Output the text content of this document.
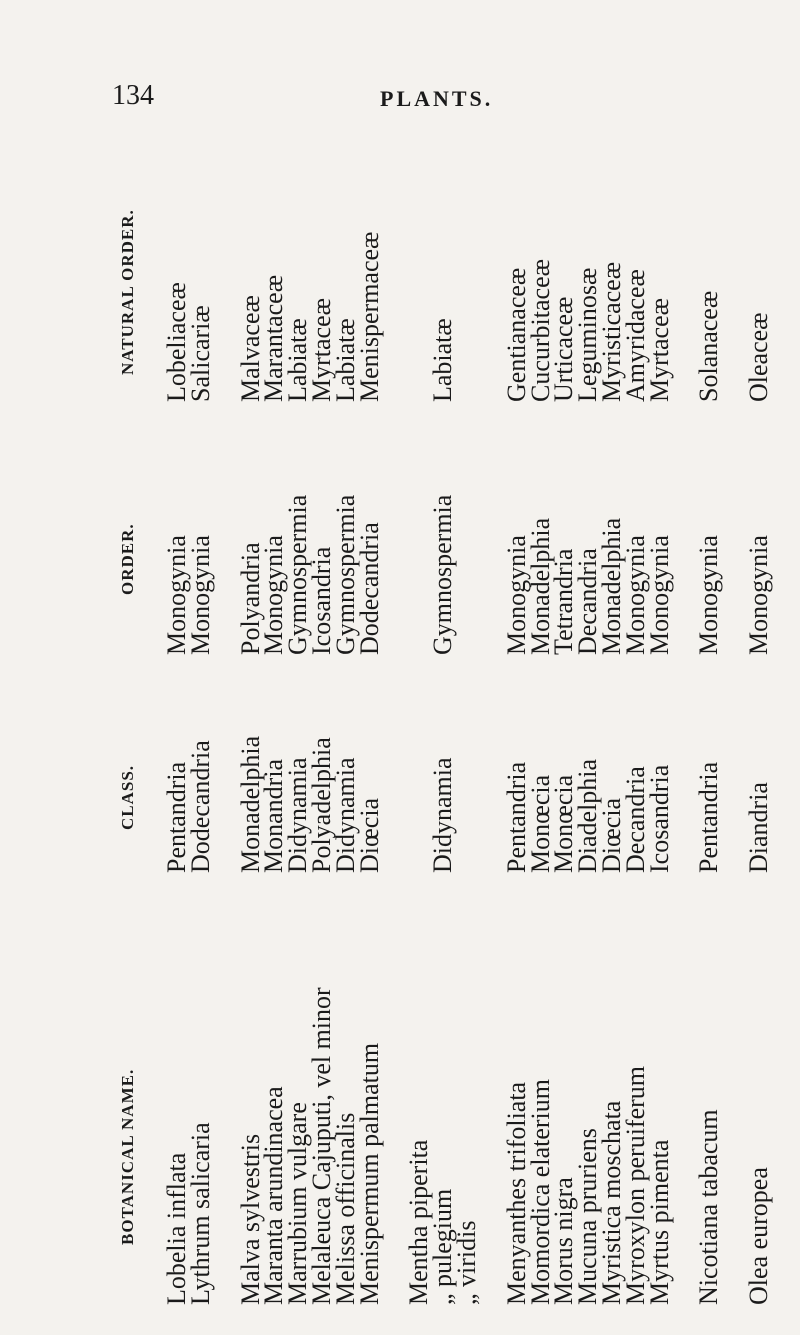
134	PLANTS.
BOTANICAL NAME.
CLASS.
ORDER.
NATURAL ORDER.
Lobelia inflata
Pentandria
Monogynia
Lobeliaceæ
Lythrum salicaria
Dodecandria
Monogynia
Salicariæ
Malva sylvestris
Monadelphia
Polyandria
Malvaceæ
Maranta arundinacea
Monandria
Monogynia
Marantaceæ
Marrubium vulgare
Didynamia
Gymnospermia
Labiatæ
Melaleuca Cajuputi, vel minor
Polyadelphia
Icosandria
Myrtaceæ
Melissa officinalis
Didynamia
Gymnospermia
Labiatæ
Menispermum palmatum
Diœcia
Dodecandria
Menispermaceæ
Mentha piperita
„ pulegium
Didynamia
Gymnospermia
Labiatæ
„ viridis Menyanthes trifoliata
Pentandria
Monogynia
Gentianaceæ
Momordica elaterium
Monœcia
Monadelphia
Cucurbitaceæ
Morus nigra
Monœcia
Tetrandria
Urticaceæ
Mucuna pruriens
Diadelphia
Decandria
Leguminosæ
Myristica moschata
Diœcia
Monadelphia
Myristicaceæ
Myroxylon peruiferum
Decandria
Monogynia
Amyridaceæ
Myrtus pimenta
Icosandria
Monogynia
Myrtaceæ
Nicotiana tabacum
Pentandria
Monogynia
Solanaceæ
Olea europea
Diandria
Monogynia
Oleaceæ
